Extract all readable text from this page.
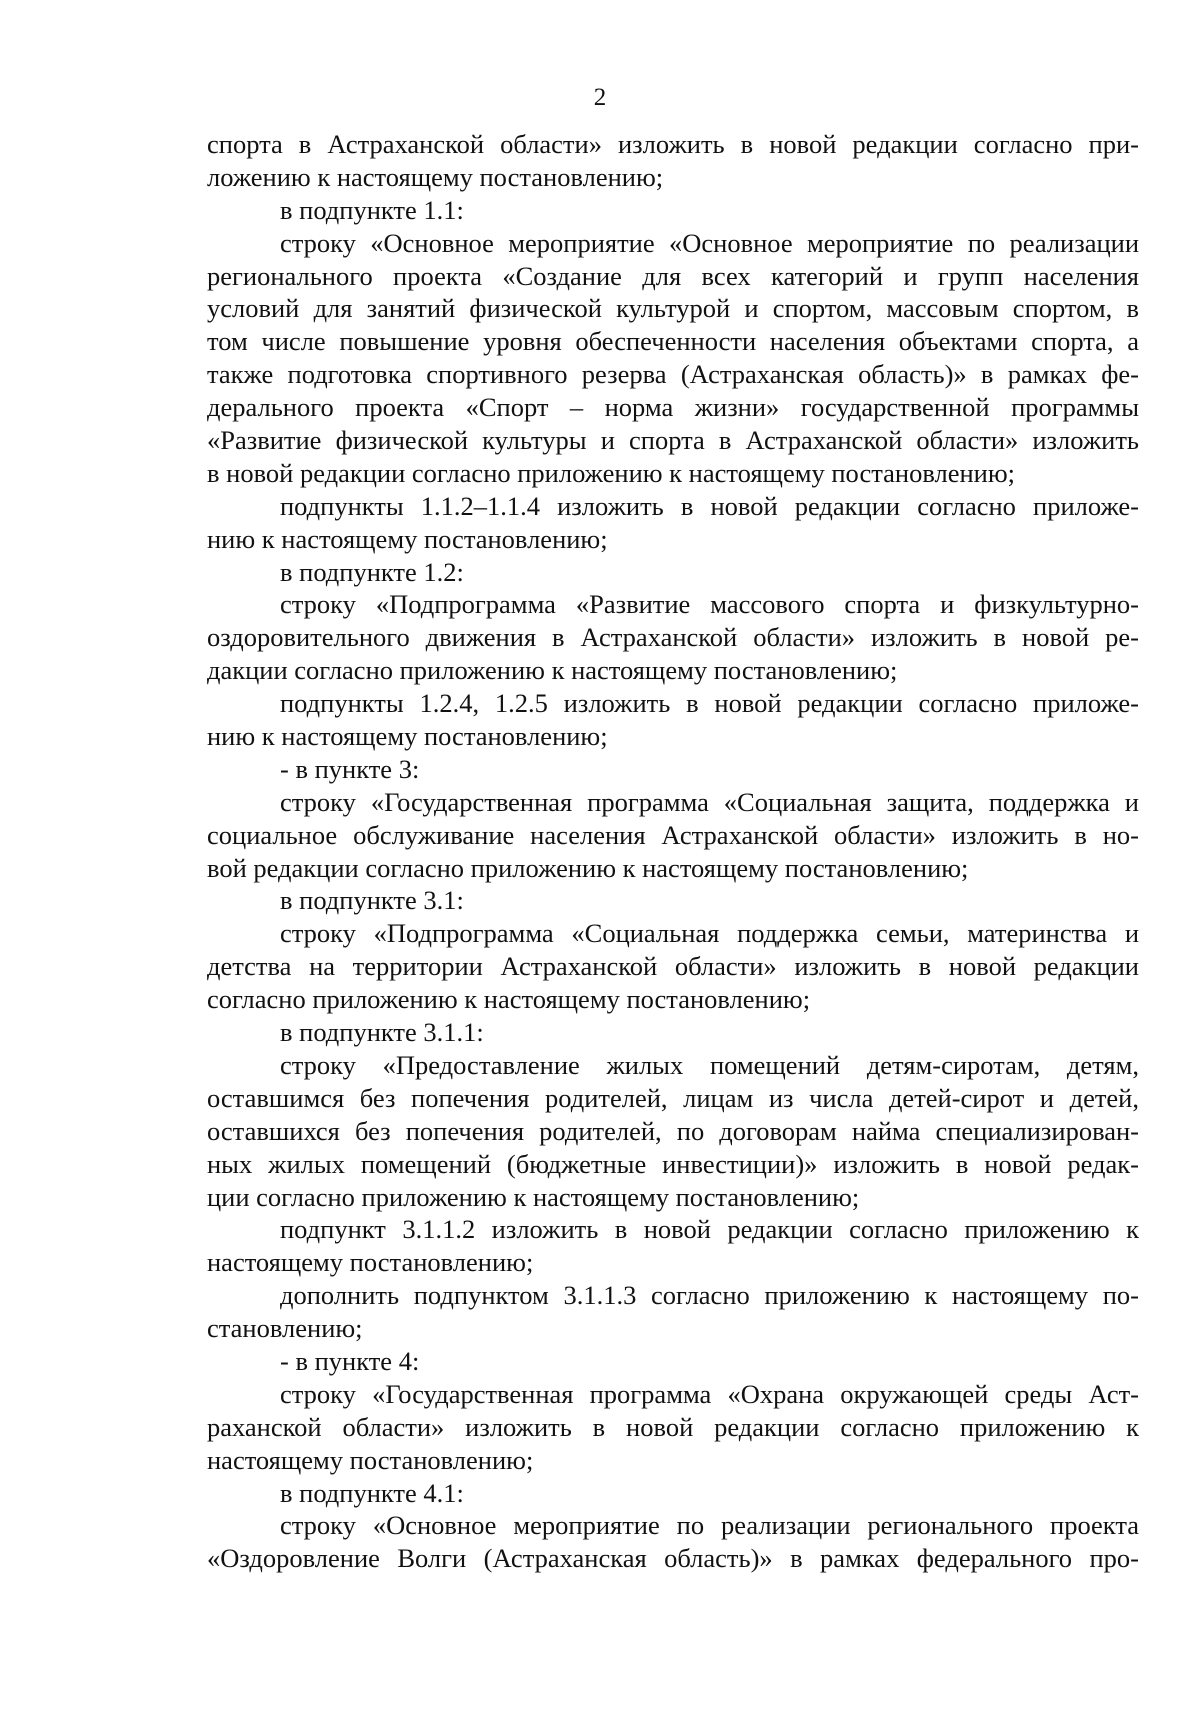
2
спорта в Астраханской области» изложить в новой редакции согласно при-
ложению к настоящему постановлению;
в подпункте 1.1:
строку «Основное мероприятие «Основное мероприятие по реализации
регионального проекта «Создание для всех категорий и групп населения
условий для занятий физической культурой и спортом, массовым спортом, в
том числе повышение уровня обеспеченности населения объектами спорта, а
также подготовка спортивного резерва (Астраханская область)» в рамках фе-
дерального проекта «Спорт – норма жизни» государственной программы
«Развитие физической культуры и спорта в Астраханской области» изложить
в новой редакции согласно приложению к настоящему постановлению;
подпункты 1.1.2–1.1.4 изложить в новой редакции согласно приложе-
нию к настоящему постановлению;
в подпункте 1.2:
строку «Подпрограмма «Развитие массового спорта и физкультурно-
оздоровительного движения в Астраханской области» изложить в новой ре-
дакции согласно приложению к настоящему постановлению;
подпункты 1.2.4, 1.2.5 изложить в новой редакции согласно приложе-
нию к настоящему постановлению;
- в пункте 3:
строку «Государственная программа «Социальная защита, поддержка и
социальное обслуживание населения Астраханской области» изложить в но-
вой редакции согласно приложению к настоящему постановлению;
в подпункте 3.1:
строку «Подпрограмма «Социальная поддержка семьи, материнства и
детства на территории Астраханской области» изложить в новой редакции
согласно приложению к настоящему постановлению;
в подпункте 3.1.1:
строку «Предоставление жилых помещений детям-сиротам, детям,
оставшимся без попечения родителей, лицам из числа детей-сирот и детей,
оставшихся без попечения родителей, по договорам найма специализирован-
ных жилых помещений (бюджетные инвестиции)» изложить в новой редак-
ции согласно приложению к настоящему постановлению;
подпункт 3.1.1.2 изложить в новой редакции согласно приложению к
настоящему постановлению;
дополнить подпунктом 3.1.1.3 согласно приложению к настоящему по-
становлению;
- в пункте 4:
строку «Государственная программа «Охрана окружающей среды Аст-
раханской области» изложить в новой редакции согласно приложению к
настоящему постановлению;
в подпункте 4.1:
строку «Основное мероприятие по реализации регионального проекта
«Оздоровление Волги (Астраханская область)» в рамках федерального про-
